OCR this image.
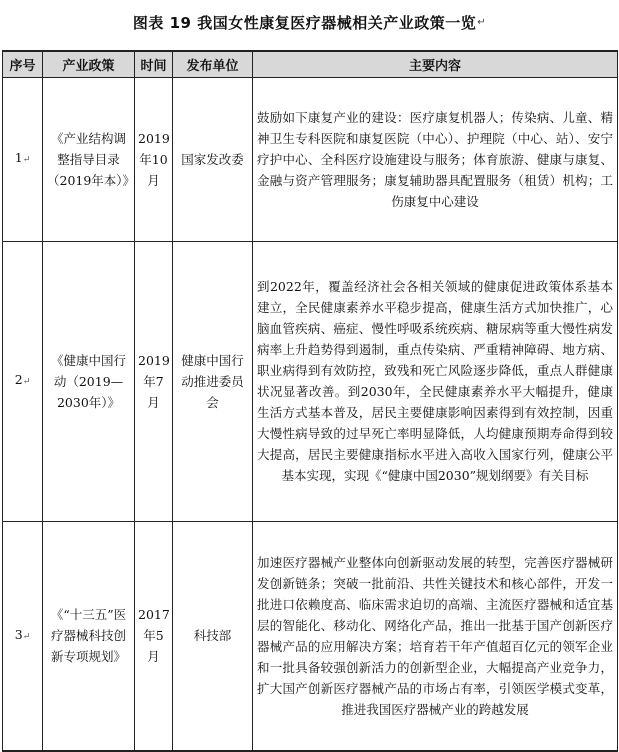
图表 19 我国女性康复医疗器械相关产业政策一览 ↵
序号	产业政策	时间	发布单位	主要内容
1↵	《产业结构调整指导目录（2019年本）》	2019年10月	国家发改委	鼓励如下康复产业的建设：医疗康复机器人；传染病、儿童、精神卫生专科医院和康复医院（中心）、护理院（中心、站）、安宁疗护中心、全科医疗设施建设与服务；体育旅游、健康与康复、金融与资产管理服务；康复辅助器具配置服务（租赁）机构；工伤康复中心建设

2↵	《健康中国行动（2019—2030年）》	2019年7月	健康中国行动推进委员会	到2022年，覆盖经济社会各相关领域的健康促进政策体系基本建立，全民健康素养水平稳步提高，健康生活方式加快推广，心脑血管疾病、癌症、慢性呼吸系统疾病、糖尿病等重大慢性病发病率上升趋势得到遏制，重点传染病、严重精神障碍、地方病、职业病得到有效防控，致残和死亡风险逐步降低，重点人群健康状况显著改善。到2030年，全民健康素养水平大幅提升，健康生活方式基本普及，居民主要健康影响因素得到有效控制，因重大慢性病导致的过早死亡率明显降低，人均健康预期寿命得到较大提高，居民主要健康指标水平进入高收入国家行列，健康公平基本实现，实现《“健康中国2030”规划纲要》有关目标

3↵	《“十三五”医疗器械科技创新专项规划》	2017年5月	科技部	加速医疗器械产业整体向创新驱动发展的转型，完善医疗器械研发创新链条；突破一批前沿、共性关键技术和核心部件，开发一批进口依赖度高、临床需求迫切的高端、主流医疗器械和适宜基层的智能化、移动化、网络化产品，推出一批基于国产创新医疗器械产品的应用解决方案；培育若干年产值超百亿元的领军企业和一批具备较强创新活力的创新型企业，大幅提高产业竞争力，扩大国产创新医疗器械产品的市场占有率，引领医学模式变革，推进我国医疗器械产业的跨越发展
